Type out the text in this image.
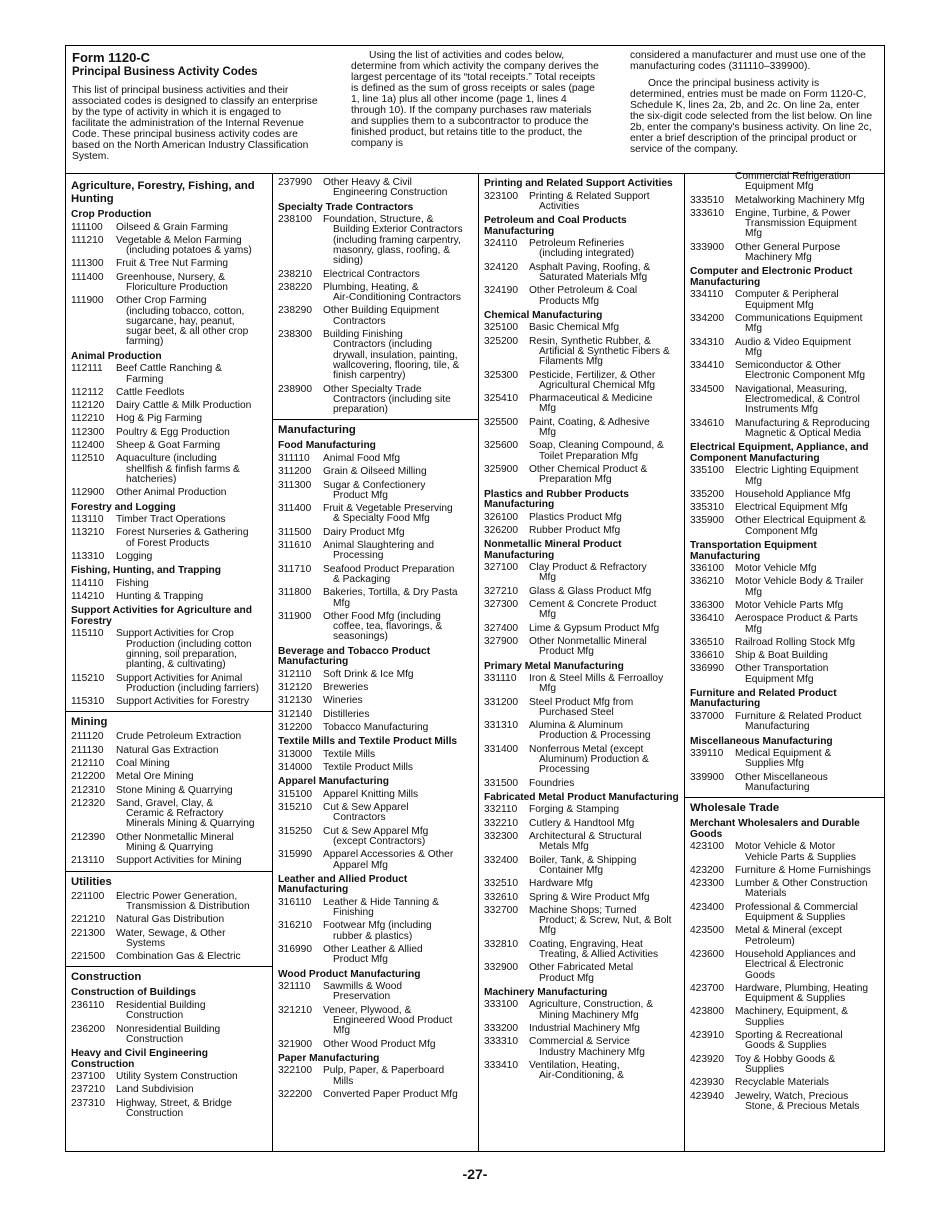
Form 1120-C
Principal Business Activity Codes

This list of principal business activities and their associated codes is designed to classify an enterprise by the type of activity in which it is engaged to facilitate the administration of the Internal Revenue Code. These principal business activity codes are based on the North American Industry Classification System.

Using the list of activities and codes below, determine from which activity the company derives the largest percentage of its “total receipts.” Total receipts is defined as the sum of gross receipts or sales (page 1, line 1a) plus all other income (page 1, lines 4 through 10). If the company purchases raw materials and supplies them to a subcontractor to produce the finished product, but retains title to the product, the company is

considered a manufacturer and must use one of the manufacturing codes (311110–339900).

Once the principal business activity is determined, entries must be made on Form 1120-C, Schedule K, lines 2a, 2b, and 2c. On line 2a, enter the six-digit code selected from the list below. On line 2b, enter the company's business activity. On line 2c, enter a brief description of the principal product or service of the company.

Agriculture, Forestry, Fishing, and Hunting
Crop Production
111100	Oilseed & Grain Farming
111210	Vegetable & Melon Farming
(including potatoes & yams)
111300	Fruit & Tree Nut Farming
111400	Greenhouse, Nursery, &
Floriculture Production
111900	Other Crop Farming
(including tobacco, cotton, sugarcane, hay, peanut, sugar beet, & all other crop farming)
Animal Production
112111	Beef Cattle Ranching &
Farming
112112	Cattle Feedlots
112120	Dairy Cattle & Milk Production
112210	Hog & Pig Farming
112300	Poultry & Egg Production
112400	Sheep & Goat Farming
112510	Aquaculture (including
shellfish & finfish farms & hatcheries)
112900	Other Animal Production
Forestry and Logging
113110	Timber Tract Operations
113210	Forest Nurseries & Gathering
of Forest Products
113310	Logging
Fishing, Hunting, and Trapping
114110	Fishing
114210	Hunting & Trapping
Support Activities for Agriculture and Forestry
115110	Support Activities for Crop
Production (including cotton ginning, soil preparation, planting, & cultivating)
115210	Support Activities for Animal
Production (including farriers)
115310	Support Activities for Forestry
Mining
211120	Crude Petroleum Extraction
211130	Natural Gas Extraction
212110	Coal Mining
212200	Metal Ore Mining
212310	Stone Mining & Quarrying
212320	Sand, Gravel, Clay, &
Ceramic & Refractory Minerals Mining & Quarrying
212390	Other Nonmetallic Mineral
Mining & Quarrying
213110	Support Activities for Mining
Utilities
221100	Electric Power Generation,
Transmission & Distribution
221210	Natural Gas Distribution
221300	Water, Sewage, & Other
Systems
221500	Combination Gas & Electric
Construction
Construction of Buildings
236110	Residential Building
Construction
236200	Nonresidential Building
Construction
Heavy and Civil Engineering Construction
237100	Utility System Construction
237210	Land Subdivision
237310	Highway, Street, & Bridge
Construction
237990	Other Heavy & Civil
Engineering Construction
Specialty Trade Contractors
238100	Foundation, Structure, &
Building Exterior Contractors (including framing carpentry, masonry, glass, roofing, & siding)
238210	Electrical Contractors
238220	Plumbing, Heating, &
Air-Conditioning Contractors
238290	Other Building Equipment
Contractors
238300	Building Finishing
Contractors (including drywall, insulation, painting, wallcovering, flooring, tile, & finish carpentry)
238900	Other Specialty Trade
Contractors (including site preparation)
Manufacturing
Food Manufacturing
311110	Animal Food Mfg
311200	Grain & Oilseed Milling
311300	Sugar & Confectionery
Product Mfg
311400	Fruit & Vegetable Preserving
& Specialty Food Mfg
311500	Dairy Product Mfg
311610	Animal Slaughtering and
Processing
311710	Seafood Product Preparation
& Packaging
311800	Bakeries, Tortilla, & Dry Pasta
Mfg
311900	Other Food Mfg (including
coffee, tea, flavorings, & seasonings)
Beverage and Tobacco Product Manufacturing
312110	Soft Drink & Ice Mfg
312120	Breweries
312130	Wineries
312140	Distilleries
312200	Tobacco Manufacturing
Textile Mills and Textile Product Mills
313000	Textile Mills
314000	Textile Product Mills
Apparel Manufacturing
315100	Apparel Knitting Mills
315210	Cut & Sew Apparel
Contractors
315250	Cut & Sew Apparel Mfg
(except Contractors)
315990	Apparel Accessories & Other
Apparel Mfg
Leather and Allied Product Manufacturing
316110	Leather & Hide Tanning &
Finishing
316210	Footwear Mfg (including
rubber & plastics)
316990	Other Leather & Allied
Product Mfg
Wood Product Manufacturing
321110	Sawmills & Wood
Preservation
321210	Veneer, Plywood, &
Engineered Wood Product Mfg
321900	Other Wood Product Mfg
Paper Manufacturing
322100	Pulp, Paper, & Paperboard
Mills
322200	Converted Paper Product Mfg
Printing and Related Support Activities
323100	Printing & Related Support
Activities
Petroleum and Coal Products Manufacturing
324110	Petroleum Refineries
(including integrated)
324120	Asphalt Paving, Roofing, &
Saturated Materials Mfg
324190	Other Petroleum & Coal
Products Mfg
Chemical Manufacturing
325100	Basic Chemical Mfg
325200	Resin, Synthetic Rubber, &
Artificial & Synthetic Fibers & Filaments Mfg
325300	Pesticide, Fertilizer, & Other
Agricultural Chemical Mfg
325410	Pharmaceutical & Medicine
Mfg
325500	Paint, Coating, & Adhesive
Mfg
325600	Soap, Cleaning Compound, &
Toilet Preparation Mfg
325900	Other Chemical Product &
Preparation Mfg
Plastics and Rubber Products Manufacturing
326100	Plastics Product Mfg
326200	Rubber Product Mfg
Nonmetallic Mineral Product Manufacturing
327100	Clay Product & Refractory
Mfg
327210	Glass & Glass Product Mfg
327300	Cement & Concrete Product
Mfg
327400	Lime & Gypsum Product Mfg
327900	Other Nonmetallic Mineral
Product Mfg
Primary Metal Manufacturing
331110	Iron & Steel Mills & Ferroalloy
Mfg
331200	Steel Product Mfg from
Purchased Steel
331310	Alumina & Aluminum
Production & Processing
331400	Nonferrous Metal (except
Aluminum) Production & Processing
331500	Foundries
Fabricated Metal Product Manufacturing
332110	Forging & Stamping
332210	Cutlery & Handtool Mfg
332300	Architectural & Structural
Metals Mfg
332400	Boiler, Tank, & Shipping
Container Mfg
332510	Hardware Mfg
332610	Spring & Wire Product Mfg
332700	Machine Shops; Turned
Product; & Screw, Nut, & Bolt Mfg
332810	Coating, Engraving, Heat
Treating, & Allied Activities
332900	Other Fabricated Metal
Product Mfg
Machinery Manufacturing
333100	Agriculture, Construction, &
Mining Machinery Mfg
333200	Industrial Machinery Mfg
333310	Commercial & Service
Industry Machinery Mfg
333410	Ventilation, Heating,
Air-Conditioning, &
Commercial Refrigeration
Equipment Mfg
333510	Metalworking Machinery Mfg
333610	Engine, Turbine, & Power
Transmission Equipment Mfg
333900	Other General Purpose
Machinery Mfg
Computer and Electronic Product Manufacturing
334110	Computer & Peripheral
Equipment Mfg
334200	Communications Equipment
Mfg
334310	Audio & Video Equipment
Mfg
334410	Semiconductor & Other
Electronic Component Mfg
334500	Navigational, Measuring,
Electromedical, & Control Instruments Mfg
334610	Manufacturing & Reproducing
Magnetic & Optical Media
Electrical Equipment, Appliance, and Component Manufacturing
335100	Electric Lighting Equipment
Mfg
335200	Household Appliance Mfg
335310	Electrical Equipment Mfg
335900	Other Electrical Equipment &
Component Mfg
Transportation Equipment Manufacturing
336100	Motor Vehicle Mfg
336210	Motor Vehicle Body & Trailer
Mfg
336300	Motor Vehicle Parts Mfg
336410	Aerospace Product & Parts
Mfg
336510	Railroad Rolling Stock Mfg
336610	Ship & Boat Building
336990	Other Transportation
Equipment Mfg
Furniture and Related Product Manufacturing
337000	Furniture & Related Product
Manufacturing
Miscellaneous Manufacturing
339110	Medical Equipment &
Supplies Mfg
339900	Other Miscellaneous
Manufacturing
Wholesale Trade
Merchant Wholesalers and Durable Goods
423100	Motor Vehicle & Motor
Vehicle Parts & Supplies
423200	Furniture & Home Furnishings
423300	Lumber & Other Construction
Materials
423400	Professional & Commercial
Equipment & Supplies
423500	Metal & Mineral (except
Petroleum)
423600	Household Appliances and
Electrical & Electronic Goods
423700	Hardware, Plumbing, Heating
Equipment & Supplies
423800	Machinery, Equipment, &
Supplies
423910	Sporting & Recreational
Goods & Supplies
423920	Toy & Hobby Goods &
Supplies
423930	Recyclable Materials
423940	Jewelry, Watch, Precious
Stone, & Precious Metals
-27-
